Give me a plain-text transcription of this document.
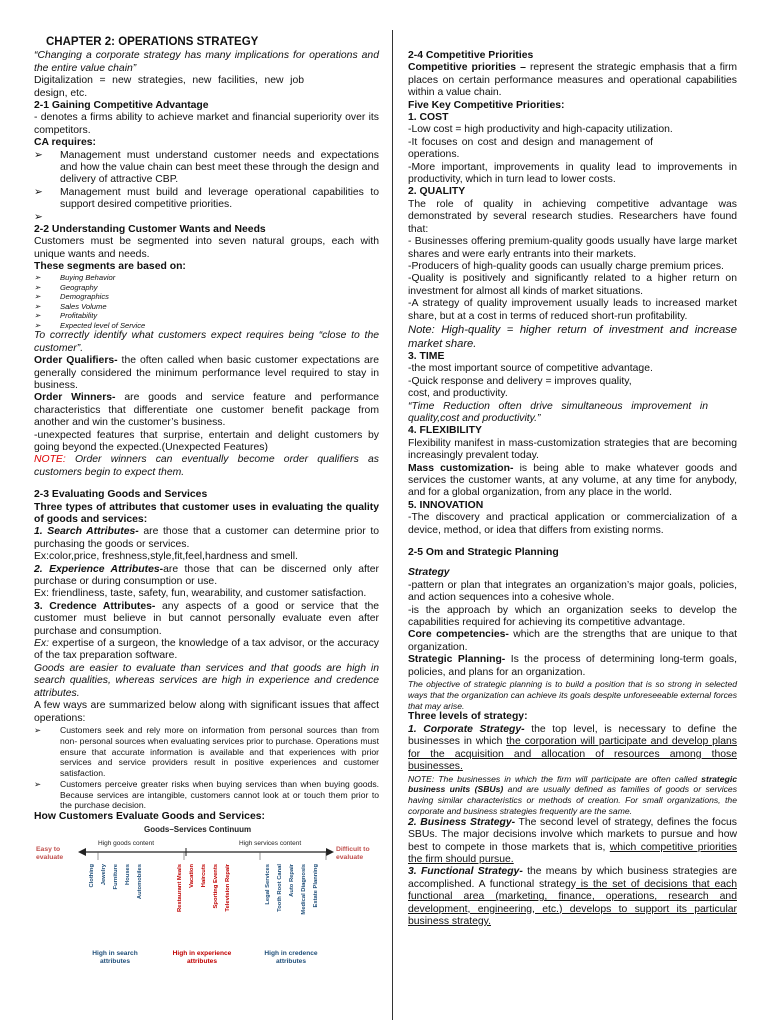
CHAPTER 2: OPERATIONS STRATEGY

“Changing a corporate strategy has many implications for operations and the entire value chain”

Digitalization = new strategies, new facilities, new job design, etc.

2-1 Gaining Competitive Advantage

- denotes a firms ability to achieve market and financial superiority over its competitors.

CA requires:

➢ Management must understand customer needs and expectations and how the value chain can best meet these through the design and delivery of attractive CBP.
➢ Management must build and leverage operational capabilities to support desired competitive priorities.
➢

2-2 Understanding Customer Wants and Needs

Customers must be segmented into seven natural groups, each with unique wants and needs.

These segments are based on:

➢ Buying Behavior
➢ Geography
➢ Demographics
➢ Sales Volume
➢ Profitability
➢ Expected level of Service

To correctly identify what customers expect requires being “close to the customer”.

Order Qualifiers- the often called when basic customer expectations are generally considered the minimum performance level required to stay in business.

Order Winners- are goods and service feature and performance characteristics that differentiate one customer benefit package from another and win the customer’s business.

-unexpected features that surprise, entertain and delight customers by going beyond the expected.(Unexpected Features)

NOTE: Order winners can eventually become order qualifiers as customers begin to expect them.

2-3 Evaluating Goods and Services

Three types of attributes that customer uses in evaluating the quality of goods and services:

1. Search Attributes- are those that a customer can determine prior to purchasing the goods or services.

Ex:color,price, freshness,style,fit,feel,hardness and smell.

2. Experience Attributes-are those that can be discerned only after purchase or during consumption or use.

Ex: friendliness, taste, safety, fun, wearability, and customer satisfaction.

3. Credence Attributes- any aspects of a good or service that the customer must believe in but cannot personally evaluate even after purchase and consumption.

Ex: expertise of a surgeon, the knowledge of a tax advisor, or the accuracy of the tax preparation software.

Goods are easier to evaluate than services and that goods are high in search qualities, whereas services are high in experience and credence attributes.

A few ways are summarized below along with significant issues that affect operations:

➢ Customers seek and rely more on information from personal sources than from non- personal sources when evaluating services prior to purchase. Operations must ensure that accurate information is available and that experiences with prior services and service providers result in positive experiences and customer satisfaction.
➢ Customers perceive greater risks when buying services than when buying goods. Because services are intangible, customers cannot look at or touch them prior to the purchase decision.

How Customers Evaluate Goods and Services:

Goods–Services Continuum
High goods content	High services content
Easy to evaluate
Difficult to evaluate
Clothing	Jewelry	Furniture	Houses	Automobiles	Restaurant Meals	Vacation	Haircuts	Sporting Events	Television Repair	Legal Services	Tooth Root Canal	Auto Repair	Medical Diagnosis	Estate Planning
High in search attributes
High in experience attributes
High in credence attributes

2-4 Competitive Priorities

Competitive priorities – represent the strategic emphasis that a firm places on certain performance measures and operational capabilities within a value chain.

Five Key Competitive Priorities:

1. COST

-Low cost = high productivity and high-capacity utilization.

-It focuses on cost and design and management of operations.

-More important, improvements in quality lead to improvements in productivity, which in turn lead to lower costs.

2. QUALITY

The role of quality in achieving competitive advantage was demonstrated by several research studies. Researchers have found that:

- Businesses offering premium-quality goods usually have large market shares and were early entrants into their markets.

-Producers of high-quality goods can usually charge premium prices.

-Quality is positively and significantly related to a higher return on investment for almost all kinds of market situations.

-A strategy of quality improvement usually leads to increased market share, but at a cost in terms of reduced short-run profitability.

Note: High-quality = higher return of investment and increase market share.

3. TIME

-the most important source of competitive advantage.

-Quick response and delivery = improves quality,

cost, and productivity.

“Time Reduction often drive simultaneous improvement in quality,cost and productivity.”

4. FLEXIBILITY

Flexibility manifest in mass-customization strategies that are becoming increasingly prevalent today.

Mass customization- is being able to make whatever goods and services the customer wants, at any volume, at any time for anybody, and for a global organization, from any place in the world.

5. INNOVATION

-The discovery and practical application or commercialization of a device, method, or idea that differs from existing norms.

2-5 Om and Strategic Planning

Strategy

-pattern or plan that integrates an organization’s major goals, policies, and action sequences into a cohesive whole.

-is the approach by which an organization seeks to develop the capabilities required for achieving its competitive advantage.

Core competencies- which are the strengths that are unique to that organization.

Strategic Planning- Is the process of determining long-term goals, policies, and plans for an organization.

The objective of strategic planning is to build a position that is so strong in selected ways that the organization can achieve its goals despite unforeseeable external forces that may arise.

Three levels of strategy:

1. Corporate Strategy- the top level, is necessary to define the businesses in which the corporation will participate and develop plans for the acquisition and allocation of resources among those businesses.

NOTE: The businesses in which the firm will participate are often called strategic business units (SBUs) and are usually defined as families of goods or services having similar characteristics or methods of creation. For small organizations, the corporate and business strategies frequently are the same.

2. Business Strategy- The second level of strategy, defines the focus SBUs. The major decisions involve which markets to pursue and how best to compete in those markets that is, which competitive priorities the firm should pursue.

3. Functional Strategy- the means by which business strategies are accomplished. A functional strategy is the set of decisions that each functional area (marketing, finance, operations, research and development, engineering, etc.) develops to support its particular business strategy.
